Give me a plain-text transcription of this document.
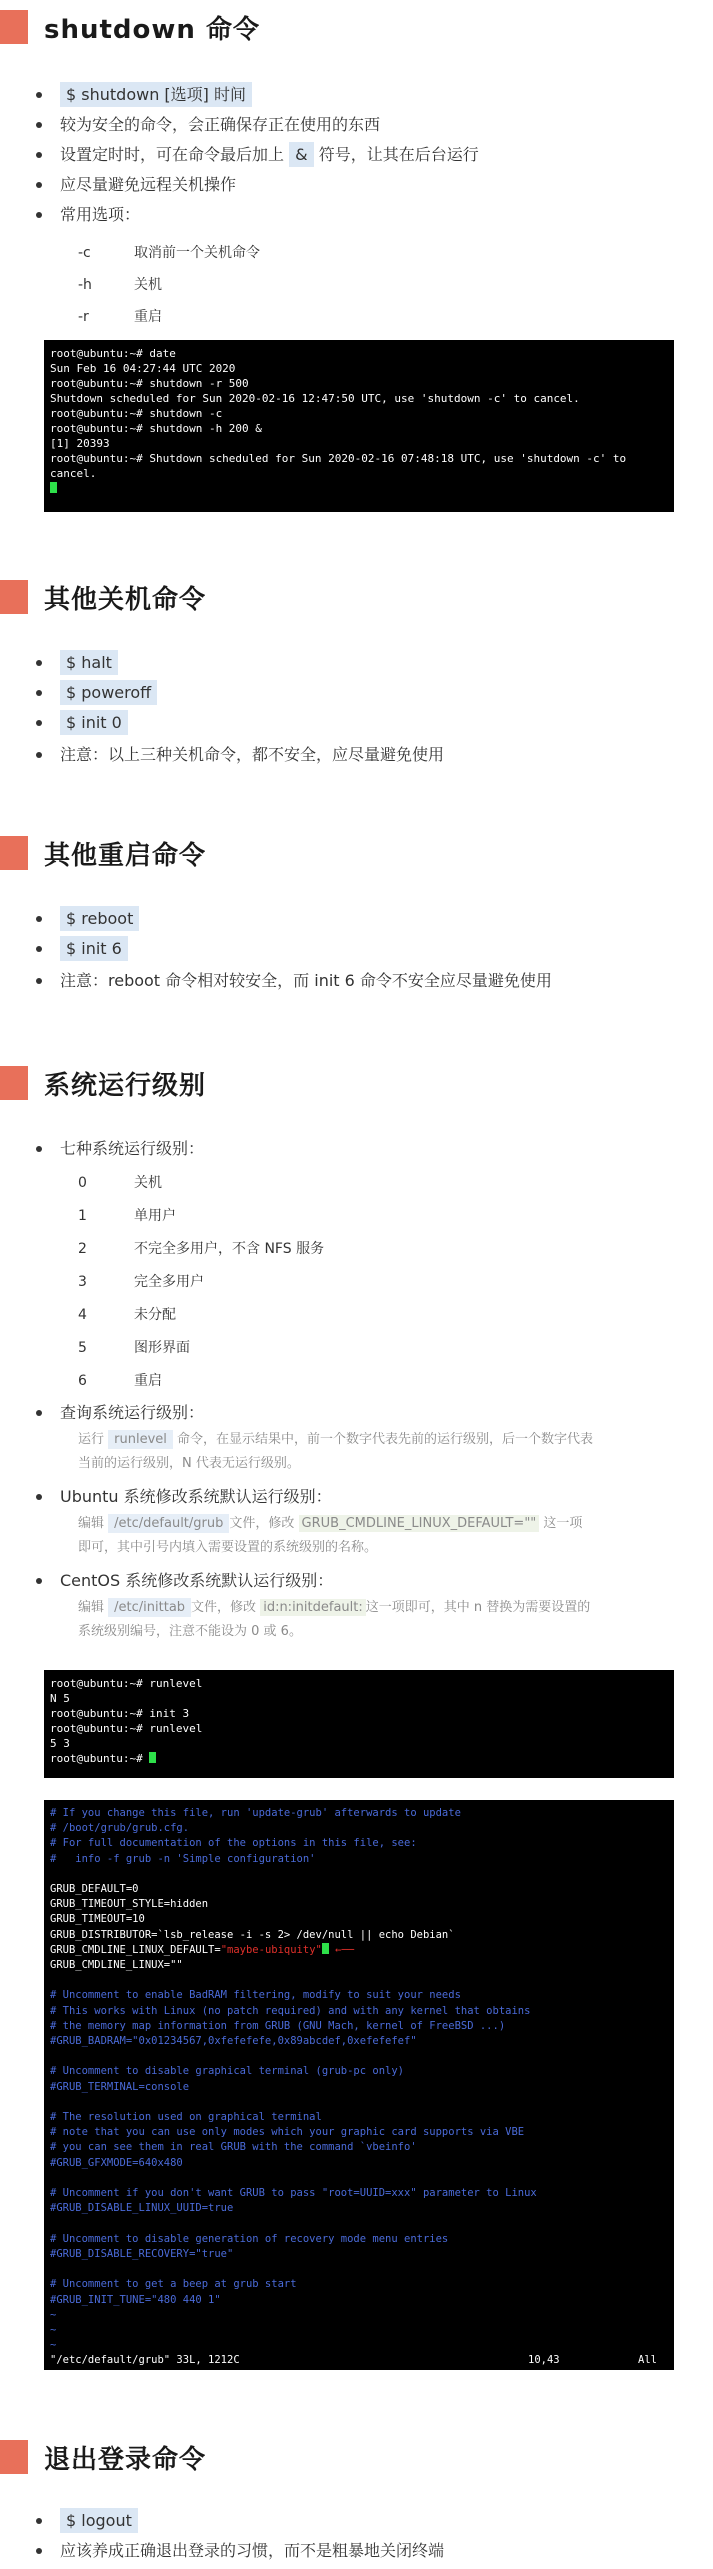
shutdown 命令
$ shutdown [选项] 时间
较为安全的命令，会正确保存正在使用的东西
设置定时时，可在命令最后加上 & 符号，让其在后台运行
应尽量避免远程关机操作
常用选项：
-c	取消前一个关机命令
-h	关机
-r	重启
root@ubuntu:~# date
Sun Feb 16 04:27:44 UTC 2020
root@ubuntu:~# shutdown -r 500
Shutdown scheduled for Sun 2020-02-16 12:47:50 UTC, use 'shutdown -c' to cancel.
root@ubuntu:~# shutdown -c
root@ubuntu:~# shutdown -h 200 &
[1] 20393
root@ubuntu:~# Shutdown scheduled for Sun 2020-02-16 07:48:18 UTC, use 'shutdown -c' to
cancel.
其他关机命令
$ halt
$ poweroff
$ init 0
注意：以上三种关机命令，都不安全，应尽量避免使用
其他重启命令
$ reboot
$ init 6
注意：reboot 命令相对较安全，而 init 6 命令不安全应尽量避免使用
系统运行级别
七种系统运行级别：
0	关机
1	单用户
2	不完全多用户，不含 NFS 服务
3	完全多用户
4	未分配
5	图形界面
6	重启
查询系统运行级别：
运行 runlevel 命令，在显示结果中，前一个数字代表先前的运行级别，后一个数字代表
当前的运行级别，N 代表无运行级别。
Ubuntu 系统修改系统默认运行级别：
编辑 /etc/default/grub 文件，修改 GRUB_CMDLINE_LINUX_DEFAULT="" 这一项
即可，其中引号内填入需要设置的系统级别的名称。
CentOS 系统修改系统默认运行级别：
编辑 /etc/inittab 文件，修改 id:n:initdefault: 这一项即可，其中 n 替换为需要设置的
系统级别编号，注意不能设为 0 或 6。
root@ubuntu:~# runlevel
N 5
root@ubuntu:~# init 3
root@ubuntu:~# runlevel
5 3
root@ubuntu:~#
# If you change this file, run 'update-grub' afterwards to update
# /boot/grub/grub.cfg.
# For full documentation of the options in this file, see:
#   info -f grub -n 'Simple configuration'

GRUB_DEFAULT=0
GRUB_TIMEOUT_STYLE=hidden
GRUB_TIMEOUT=10
GRUB_DISTRIBUTOR=`lsb_release -i -s 2> /dev/null || echo Debian`
GRUB_CMDLINE_LINUX_DEFAULT="maybe-ubiquity" ←──
GRUB_CMDLINE_LINUX=""

# Uncomment to enable BadRAM filtering, modify to suit your needs
# This works with Linux (no patch required) and with any kernel that obtains
# the memory map information from GRUB (GNU Mach, kernel of FreeBSD ...)
#GRUB_BADRAM="0x01234567,0xfefefefe,0x89abcdef,0xefefefef"

# Uncomment to disable graphical terminal (grub-pc only)
#GRUB_TERMINAL=console

# The resolution used on graphical terminal
# note that you can use only modes which your graphic card supports via VBE
# you can see them in real GRUB with the command `vbeinfo'
#GRUB_GFXMODE=640x480

# Uncomment if you don't want GRUB to pass "root=UUID=xxx" parameter to Linux
#GRUB_DISABLE_LINUX_UUID=true

# Uncomment to disable generation of recovery mode menu entries
#GRUB_DISABLE_RECOVERY="true"

# Uncomment to get a beep at grub start
#GRUB_INIT_TUNE="480 440 1"
~
~
~
"/etc/default/grub" 33L, 1212C	10,43	All
退出登录命令
$ logout
应该养成正确退出登录的习惯，而不是粗暴地关闭终端
